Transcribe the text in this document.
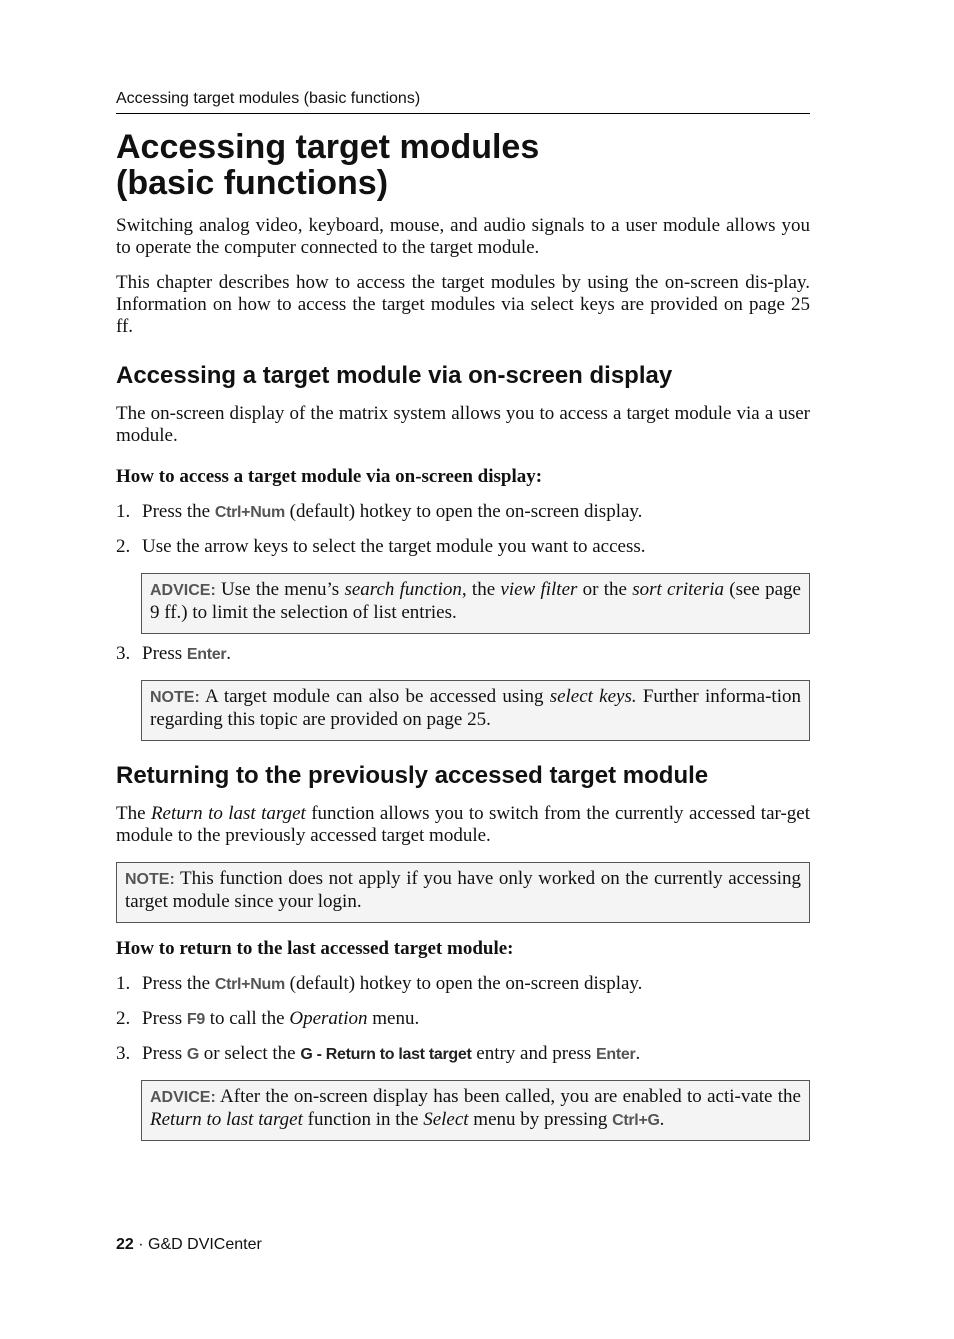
Accessing target modules (basic functions)
Accessing target modules
(basic functions)

Switching analog video, keyboard, mouse, and audio signals to a user module allows you to operate the computer connected to the target module.

This chapter describes how to access the target modules by using the on-screen dis-play. Information on how to access the target modules via select keys are provided on page 25 ff.

Accessing a target module via on-screen display

The on-screen display of the matrix system allows you to access a target module via a user module.

How to access a target module via on-screen display:

1. Press the Ctrl+Num (default) hotkey to open the on-screen display.
2. Use the arrow keys to select the target module you want to access.
ADVICE: Use the menu’s search function, the view filter or the sort criteria (see page 9 ff.) to limit the selection of list entries.
3. Press Enter.
NOTE: A target module can also be accessed using select keys. Further informa-tion regarding this topic are provided on page 25.
Returning to the previously accessed target module

The Return to last target function allows you to switch from the currently accessed tar-get module to the previously accessed target module.

NOTE: This function does not apply if you have only worked on the currently accessing target module since your login.

How to return to the last accessed target module:

1. Press the Ctrl+Num (default) hotkey to open the on-screen display.
2. Press F9 to call the Operation menu.
3. Press G or select the G - Return to last target entry and press Enter.
ADVICE: After the on-screen display has been called, you are enabled to acti-vate the Return to last target function in the Select menu by pressing Ctrl+G.
22 · G&D DVICenter
